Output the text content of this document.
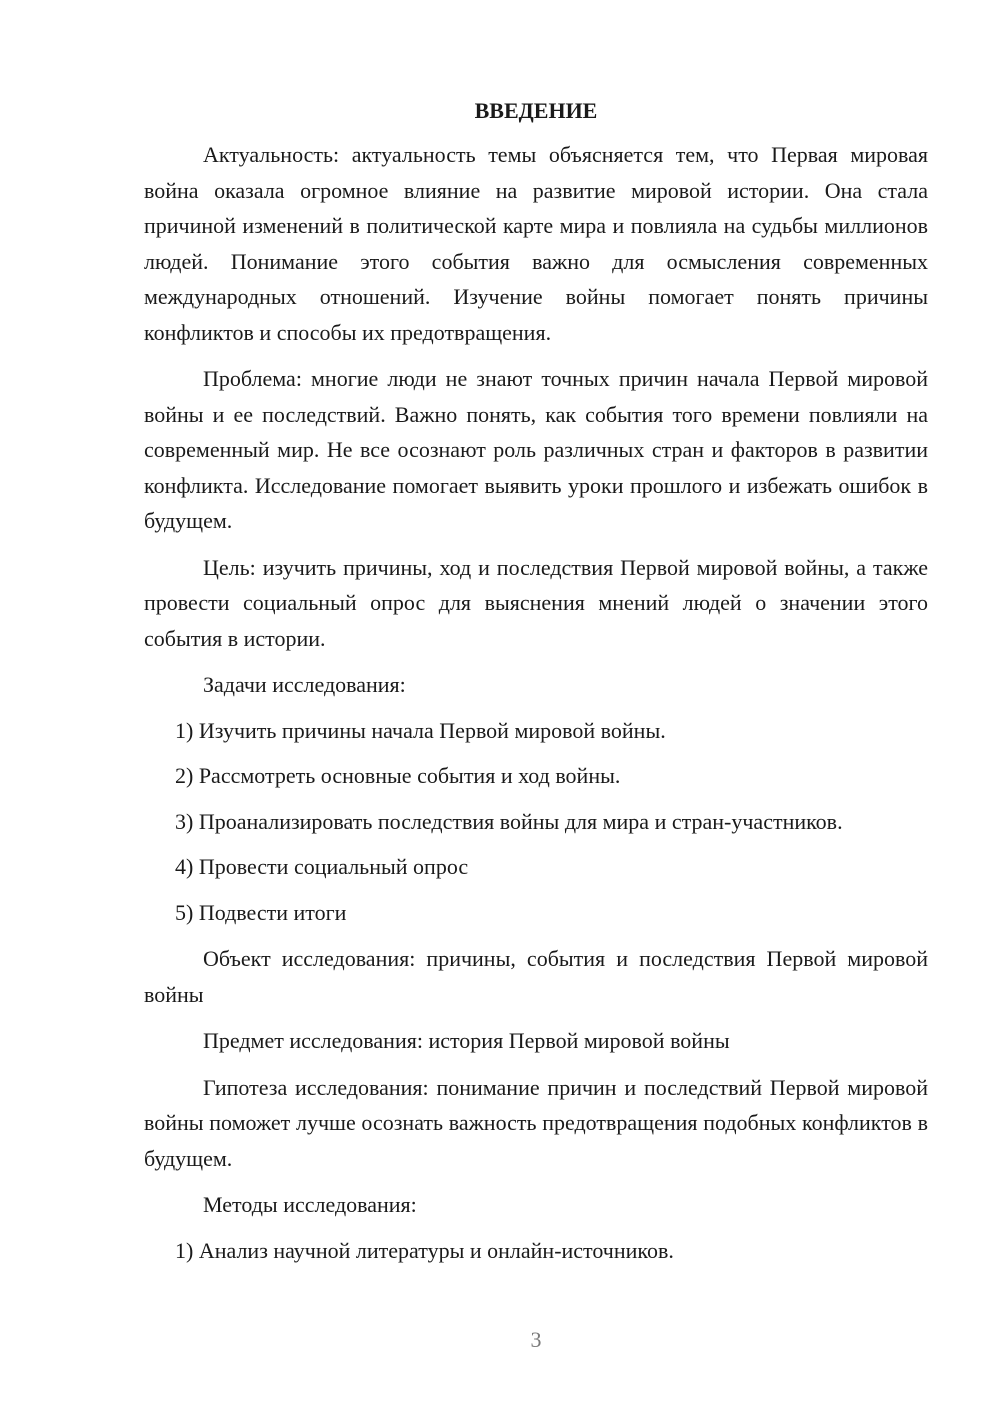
ВВЕДЕНИЕ

Актуальность: актуальность темы объясняется тем, что Первая мировая война оказала огромное влияние на развитие мировой истории. Она стала причиной изменений в политической карте мира и повлияла на судьбы миллионов людей. Понимание этого события важно для осмысления современных международных отношений. Изучение войны помогает понять причины конфликтов и способы их предотвращения.

Проблема: многие люди не знают точных причин начала Первой мировой войны и ее последствий. Важно понять, как события того времени повлияли на современный мир. Не все осознают роль различных стран и факторов в развитии конфликта. Исследование помогает выявить уроки прошлого и избежать ошибок в будущем.

Цель: изучить причины, ход и последствия Первой мировой войны, а также провести социальный опрос для выяснения мнений людей о значении этого события в истории.

Задачи исследования:

1) Изучить причины начала Первой мировой войны.

2) Рассмотреть основные события и ход войны.

3) Проанализировать последствия войны для мира и стран-участников.

4) Провести социальный опрос

5) Подвести итоги

Объект исследования: причины, события и последствия Первой мировой войны

Предмет исследования: история Первой мировой войны

Гипотеза исследования: понимание причин и последствий Первой мировой войны поможет лучше осознать важность предотвращения подобных конфликтов в будущем.

Методы исследования:

1) Анализ научной литературы и онлайн-источников.

3
